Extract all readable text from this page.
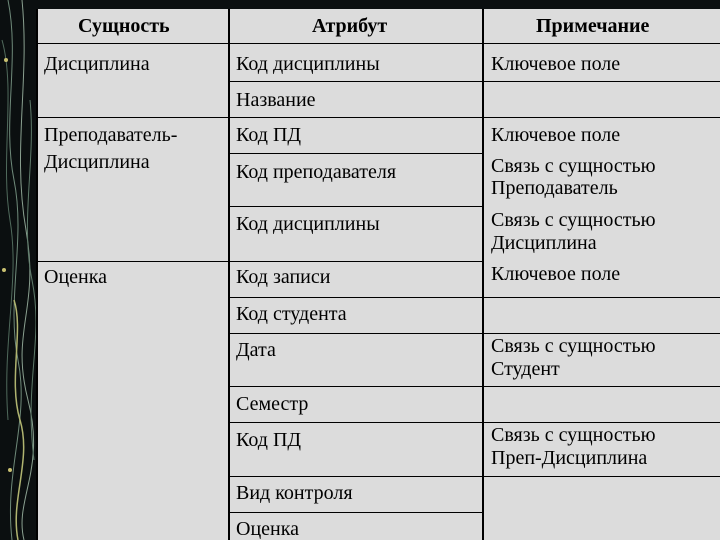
Сущность	Атрибут	Примечание
Дисциплина
Преподаватель-
Дисциплина
Оценка
Код дисциплины
Название
Код ПД
Код преподавателя
Код дисциплины
Код записи
Код студента
Дата
Семестр
Код ПД
Вид контроля
Оценка
Ключевое поле
Ключевое поле
Связь с сущностью
Преподаватель
Связь с сущностью
Дисциплина
Ключевое поле
Связь с сущностью
Студент
Связь с сущностью
Преп-Дисциплина
